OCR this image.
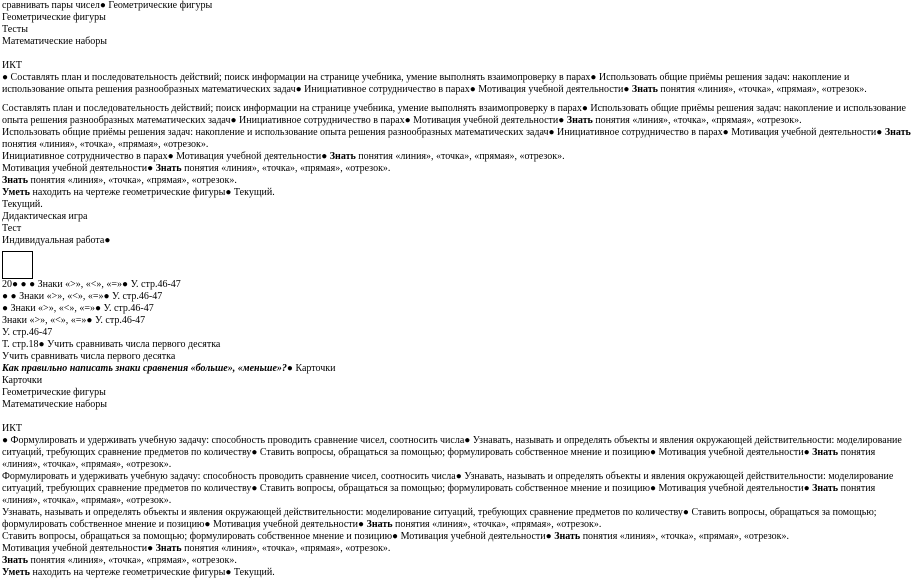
сравнивать пары чисел● Геометрические фигуры
Геометрические фигуры
Тесты
Математические наборы
ИКТ
● Составлять план и последовательность действий; поиск информации на странице учебника, умение выполнять взаимопроверку в парах● Использовать общие приёмы решения задач: накопление и
использование опыта решения разнообразных математических задач● Инициативное сотрудничество в парах● Мотивация учебной деятельности● Знать понятия «линия», «точка», «прямая», «отрезок».
Составлять план и последовательность действий; поиск информации на странице учебника, умение выполнять взаимопроверку в парах● Использовать общие приёмы решения задач: накопление и использование
опыта решения разнообразных математических задач● Инициативное сотрудничество в парах● Мотивация учебной деятельности● Знать понятия «линия», «точка», «прямая», «отрезок».
Использовать общие приёмы решения задач: накопление и использование опыта решения разнообразных математических задач● Инициативное сотрудничество в парах● Мотивация учебной деятельности● Знать
понятия «линия», «точка», «прямая», «отрезок».
Инициативное сотрудничество в парах● Мотивация учебной деятельности● Знать понятия «линия», «точка», «прямая», «отрезок».
Мотивация учебной деятельности● Знать понятия «линия», «точка», «прямая», «отрезок».
Знать понятия «линия», «точка», «прямая», «отрезок».
Уметь находить на чертеже геометрические фигуры● Текущий.
Текущий.
Дидактическая игра
Тест
Индивидуальная работа●
20● ● ● Знаки «>», «<», «=»● У. стр.46-47
● ● Знаки «>», «<», «=»● У. стр.46-47
● Знаки «>», «<», «=»● У. стр.46-47
Знаки «>», «<», «=»● У. стр.46-47
У. стр.46-47
Т. стр.18● Учить сравнивать числа первого десятка
Учить сравнивать числа первого десятка
Как правильно написать знаки сравнения «больше», «меньше»?● Карточки
Карточки
Геометрические фигуры
Математические наборы
ИКТ
● Формулировать и удерживать учебную задачу: способность проводить сравнение чисел, соотносить числа● Узнавать, называть и определять объекты и явления окружающей действительности: моделирование
ситуаций, требующих сравнение предметов по количеству● Ставить вопросы, обращаться за помощью; формулировать собственное мнение и позицию● Мотивация учебной деятельности● Знать понятия
«линия», «точка», «прямая», «отрезок».
Формулировать и удерживать учебную задачу: способность проводить сравнение чисел, соотносить числа● Узнавать, называть и определять объекты и явления окружающей действительности: моделирование
ситуаций, требующих сравнение предметов по количеству● Ставить вопросы, обращаться за помощью; формулировать собственное мнение и позицию● Мотивация учебной деятельности● Знать понятия
«линия», «точка», «прямая», «отрезок».
Узнавать, называть и определять объекты и явления окружающей действительности: моделирование ситуаций, требующих сравнение предметов по количеству● Ставить вопросы, обращаться за помощью;
формулировать собственное мнение и позицию● Мотивация учебной деятельности● Знать понятия «линия», «точка», «прямая», «отрезок».
Ставить вопросы, обращаться за помощью; формулировать собственное мнение и позицию● Мотивация учебной деятельности● Знать понятия «линия», «точка», «прямая», «отрезок».
Мотивация учебной деятельности● Знать понятия «линия», «точка», «прямая», «отрезок».
Знать понятия «линия», «точка», «прямая», «отрезок».
Уметь находить на чертеже геометрические фигуры● Текущий.
